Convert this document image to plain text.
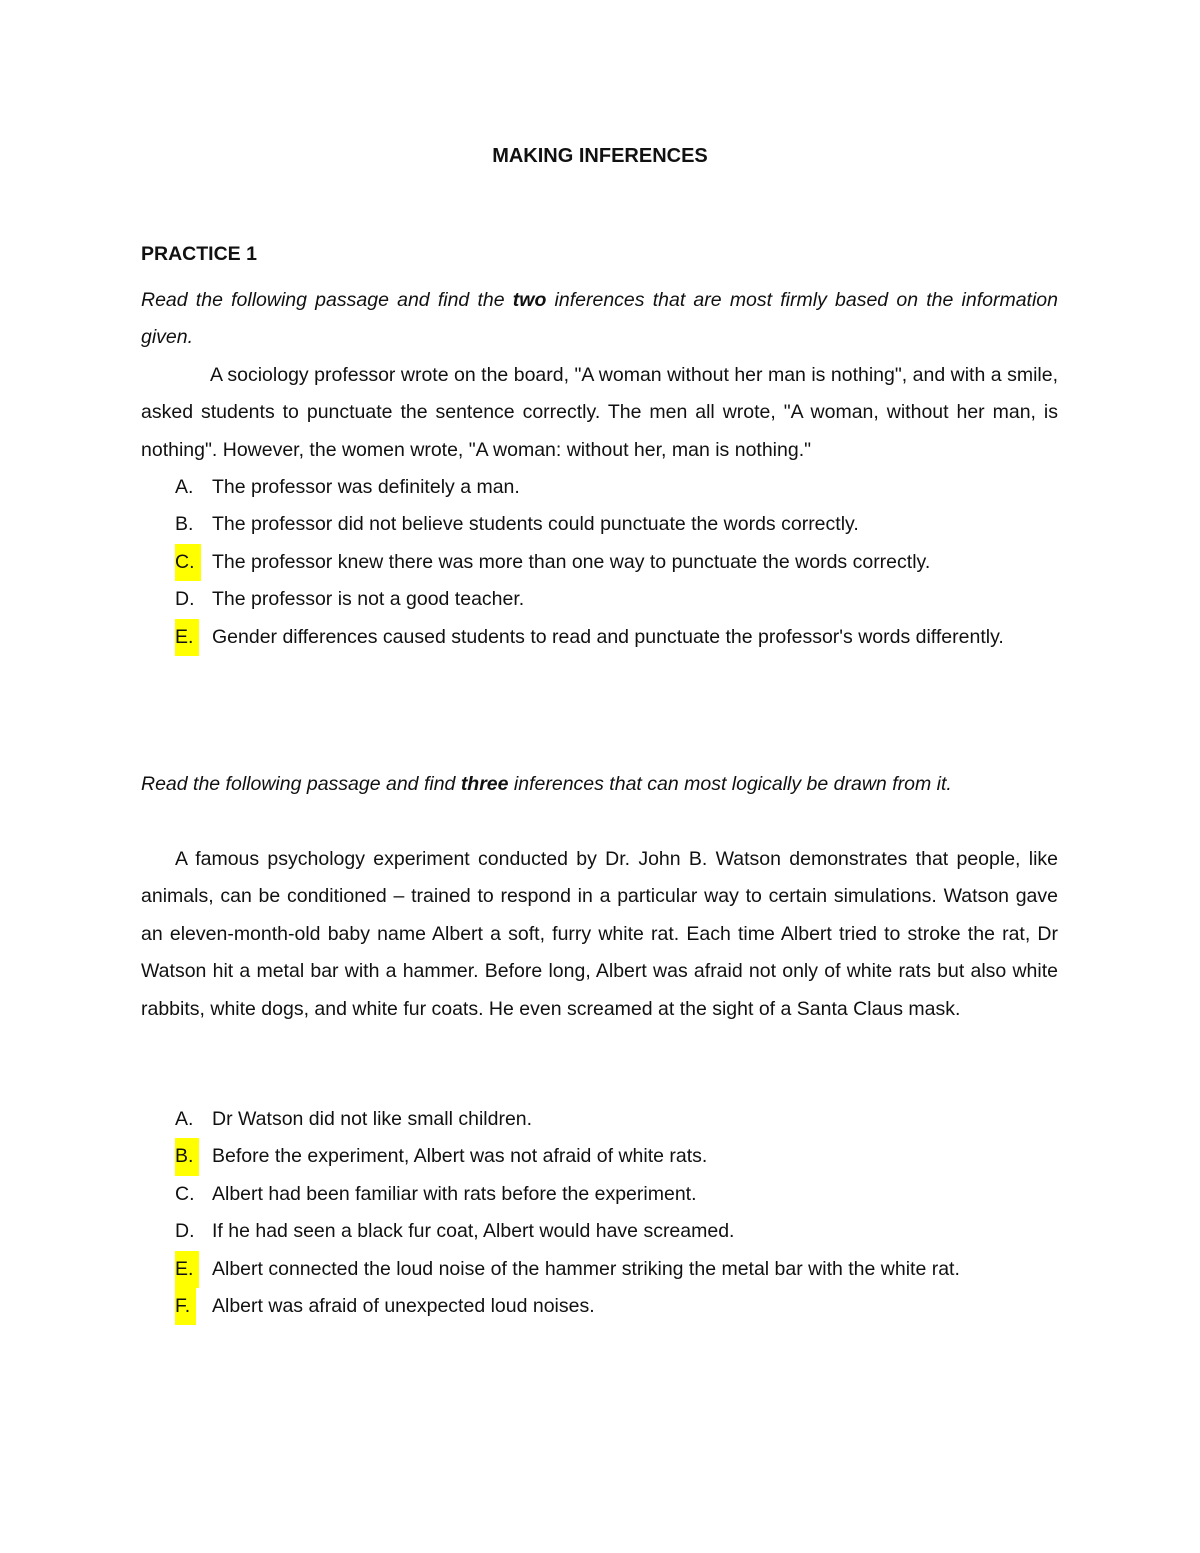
MAKING INFERENCES
PRACTICE 1

Read the following passage and find the two inferences that are most firmly based on the information given.

A sociology professor wrote on the board, "A woman without her man is nothing", and with a smile, asked students to punctuate the sentence correctly. The men all wrote, "A woman, without her man, is nothing". However, the women wrote, "A woman: without her, man is nothing."

A. The professor was definitely a man.
B. The professor did not believe students could punctuate the words correctly.
C. The professor knew there was more than one way to punctuate the words correctly.
D. The professor is not a good teacher.
E. Gender differences caused students to read and punctuate the professor's words differently.

Read the following passage and find three inferences that can most logically be drawn from it.

A famous psychology experiment conducted by Dr. John B. Watson demonstrates that people, like animals, can be conditioned – trained to respond in a particular way to certain simulations. Watson gave an eleven-month-old baby name Albert a soft, furry white rat. Each time Albert tried to stroke the rat, Dr Watson hit a metal bar with a hammer. Before long, Albert was afraid not only of white rats but also white rabbits, white dogs, and white fur coats. He even screamed at the sight of a Santa Claus mask.

A. Dr Watson did not like small children.
B. Before the experiment, Albert was not afraid of white rats.
C. Albert had been familiar with rats before the experiment.
D. If he had seen a black fur coat, Albert would have screamed.
E. Albert connected the loud noise of the hammer striking the metal bar with the white rat.
F.	Albert was afraid of unexpected loud noises.
